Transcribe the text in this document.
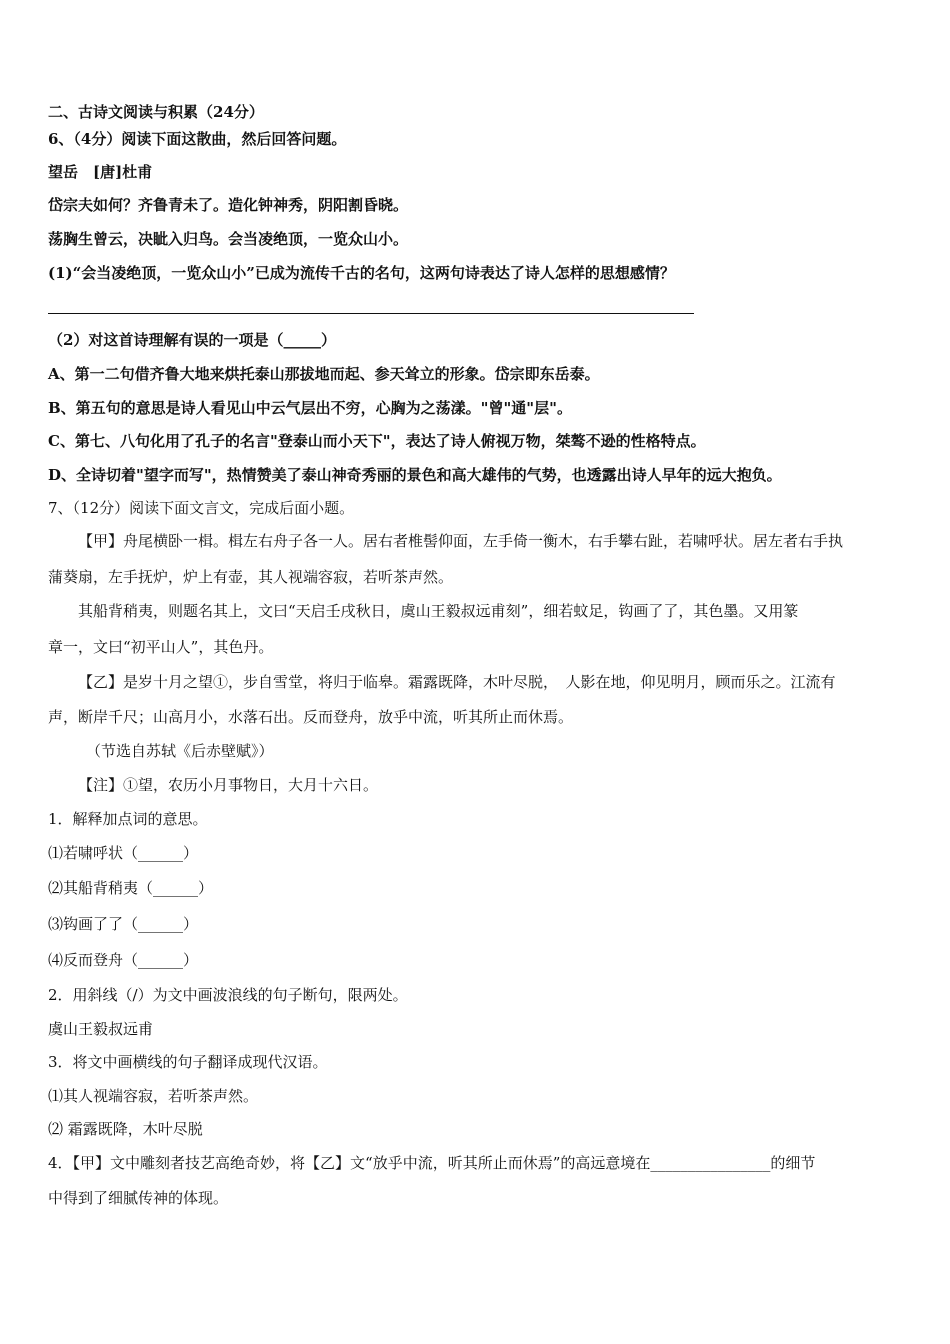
二、古诗文阅读与积累（24分）
6、（4分）阅读下面这散曲，然后回答问题。
望岳　[唐]杜甫
岱宗夫如何？齐鲁青未了。造化钟神秀，阴阳割昏晓。
荡胸生曾云，决眦入归鸟。会当凌绝顶，一览众山小。
(1)“会当凌绝顶，一览众山小”已成为流传千古的名句，这两句诗表达了诗人怎样的思想感情？
（2）对这首诗理解有误的一项是（_____）
A、第一二句借齐鲁大地来烘托泰山那拔地而起、参天耸立的形象。岱宗即东岳泰。
B、第五句的意思是诗人看见山中云气层出不穷，心胸为之荡漾。"曾"通"层"。
C、第七、八句化用了孔子的名言"登泰山而小天下"，表达了诗人俯视万物，桀骜不逊的性格特点。
D、全诗切着"望字而写"，热情赞美了泰山神奇秀丽的景色和高大雄伟的气势，也透露出诗人早年的远大抱负。
7、（12分）阅读下面文言文，完成后面小题。
【甲】舟尾横卧一楫。楫左右舟子各一人。居右者椎髻仰面，左手倚一衡木，右手攀右趾，若啸呼状。居左者右手执
蒲葵扇，左手抚炉，炉上有壶，其人视端容寂，若听茶声然。
其船背稍夷，则题名其上，文曰“天启壬戌秋日，虞山王毅叔远甫刻”，细若蚊足，钩画了了，其色墨。又用篆
章一，文曰“初平山人”，其色丹。
【乙】是岁十月之望①，步自雪堂，将归于临皋。霜露既降，木叶尽脱，　人影在地，仰见明月，顾而乐之。江流有
声，断岸千尺；山高月小，水落石出。反而登舟，放乎中流，听其所止而休焉。
（节选自苏轼《后赤壁赋》）
【注】①望，农历小月事物日，大月十六日。
1．解释加点词的意思。
⑴若啸呼状（______）
⑵其船背稍夷（______）
⑶钩画了了（______）
⑷反而登舟（______）
2．用斜线（/）为文中画波浪线的句子断句，限两处。
虞山王毅叔远甫
3．将文中画横线的句子翻译成现代汉语。
⑴其人视端容寂，若听茶声然。
⑵ 霜露既降，木叶尽脱
4．【甲】文中雕刻者技艺高绝奇妙，将【乙】文“放乎中流，听其所止而休焉”的高远意境在________________的细节
中得到了细腻传神的体现。
